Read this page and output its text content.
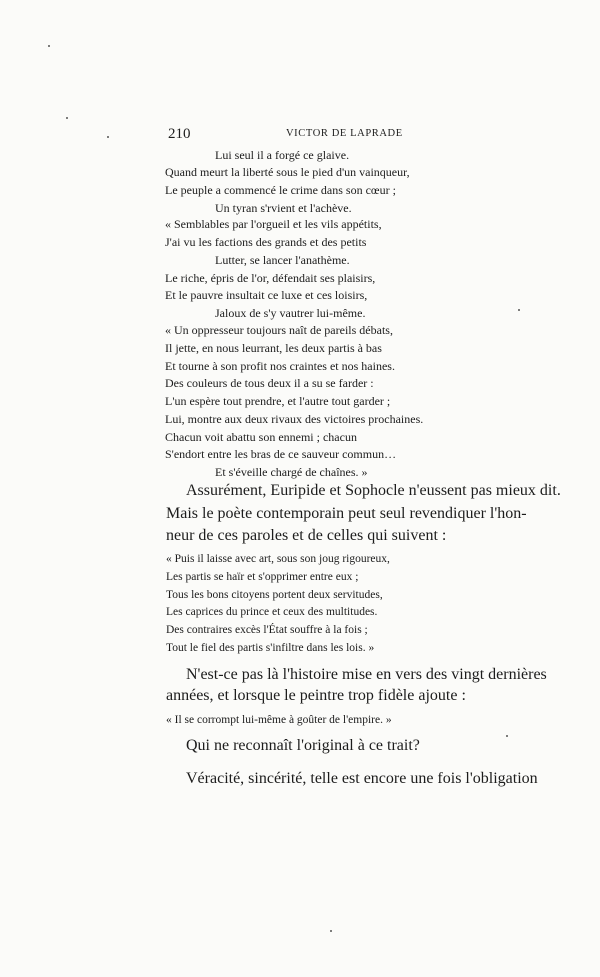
210	VICTOR DE LAPRADE
Lui seul il a forgé ce glaive.
Quand meurt la liberté sous le pied d'un vainqueur,
Le peuple a commencé le crime dans son cœur ;
Un tyran s'rvient et l'achève.
« Semblables par l'orgueil et les vils appétits,
J'ai vu les factions des grands et des petits
Lutter, se lancer l'anathème.
Le riche, épris de l'or, défendait ses plaisirs,
Et le pauvre insultait ce luxe et ces loisirs,
Jaloux de s'y vautrer lui-même.
« Un oppresseur toujours naît de pareils débats,
Il jette, en nous leurrant, les deux partis à bas
Et tourne à son profit nos craintes et nos haines.
Des couleurs de tous deux il a su se farder :
L'un espère tout prendre, et l'autre tout garder ;
Lui, montre aux deux rivaux des victoires prochaines.
Chacun voit abattu son ennemi ; chacun
S'endort entre les bras de ce sauveur commun…
Et s'éveille chargé de chaînes. »
Assurément, Euripide et Sophocle n'eussent pas mieux dit.
Mais le poète contemporain peut seul revendiquer l'hon-
neur de ces paroles et de celles qui suivent :
« Puis il laisse avec art, sous son joug rigoureux,
Les partis se haïr et s'opprimer entre eux ;
Tous les bons citoyens portent deux servitudes,
Les caprices du prince et ceux des multitudes.
Des contraires excès l'État souffre à la fois ;
Tout le fiel des partis s'infiltre dans les lois. »
N'est-ce pas là l'histoire mise en vers des vingt dernières
années, et lorsque le peintre trop fidèle ajoute :
« Il se corrompt lui-même à goûter de l'empire. »
Qui ne reconnaît l'original à ce trait?
Véracité, sincérité, telle est encore une fois l'obligation
